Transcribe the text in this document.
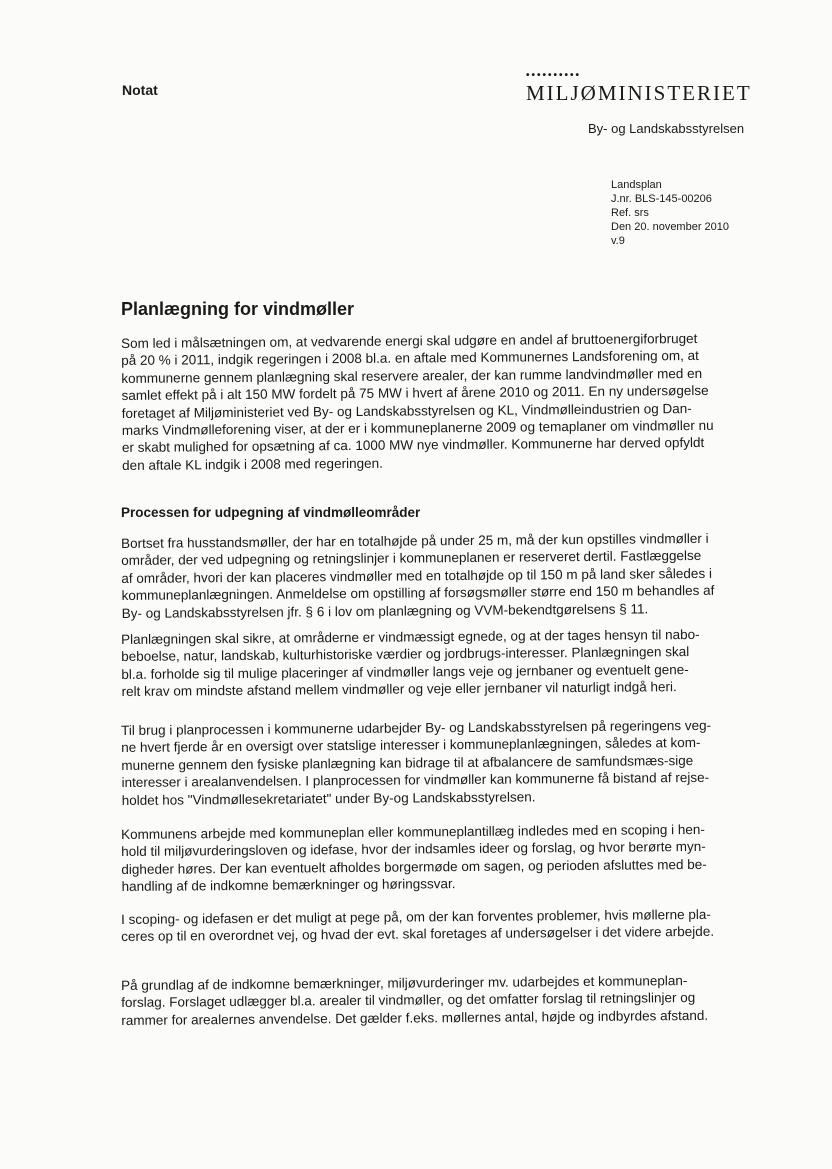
Notat
••••••••••
MILJØMINISTERIET
By- og Landskabsstyrelsen
Landsplan
J.nr. BLS-145-00206
Ref. srs
Den 20. november 2010
v.9
Planlægning for vindmøller
Som led i målsætningen om, at vedvarende energi skal udgøre en andel af bruttoenergiforbruget
på 20 % i 2011, indgik regeringen i 2008 bl.a. en aftale med Kommunernes Landsforening om, at
kommunerne gennem planlægning skal reservere arealer, der kan rumme landvindmøller med en
samlet effekt på i alt 150 MW fordelt på 75 MW i hvert af årene 2010 og 2011. En ny undersøgelse
foretaget af Miljøministeriet ved By- og Landskabsstyrelsen og KL, Vindmølleindustrien og Dan-
marks Vindmølleforening viser, at der er i kommuneplanerne 2009 og temaplaner om vindmøller nu
er skabt mulighed for opsætning af ca. 1000 MW nye vindmøller. Kommunerne har derved opfyldt
den aftale KL indgik i 2008 med regeringen.
Processen for udpegning af vindmølleområder
Bortset fra husstandsmøller, der har en totalhøjde på under 25 m, må der kun opstilles vindmøller i
områder, der ved udpegning og retningslinjer i kommuneplanen er reserveret dertil. Fastlæggelse
af områder, hvori der kan placeres vindmøller med en totalhøjde op til 150 m på land sker således i
kommuneplanlægningen. Anmeldelse om opstilling af forsøgsmøller større end 150 m behandles af
By- og Landskabsstyrelsen jfr. § 6 i lov om planlægning og VVM-bekendtgørelsens § 11.
Planlægningen skal sikre, at områderne er vindmæssigt egnede, og at der tages hensyn til nabo-
beboelse, natur, landskab, kulturhistoriske værdier og jordbrugs-interesser. Planlægningen skal
bl.a. forholde sig til mulige placeringer af vindmøller langs veje og jernbaner og eventuelt gene-
relt krav om mindste afstand mellem vindmøller og veje eller jernbaner vil naturligt indgå heri.
Til brug i planprocessen i kommunerne udarbejder By- og Landskabsstyrelsen på regeringens veg-
ne hvert fjerde år en oversigt over statslige interesser i kommuneplanlægningen, således at kom-
munerne gennem den fysiske planlægning kan bidrage til at afbalancere de samfundsmæs-sige
interesser i arealanvendelsen. I planprocessen for vindmøller kan kommunerne få bistand af rejse-
holdet hos "Vindmøllesekretariatet" under By-og Landskabsstyrelsen.
Kommunens arbejde med kommuneplan eller kommuneplantillæg indledes med en scoping i hen-
hold til miljøvurderingsloven og idefase, hvor der indsamles ideer og forslag, og hvor berørte myn-
digheder høres. Der kan eventuelt afholdes borgermøde om sagen, og perioden afsluttes med be-
handling af de indkomne bemærkninger og høringssvar.
I scoping- og idefasen er det muligt at pege på, om der kan forventes problemer, hvis møllerne pla-
ceres op til en overordnet vej, og hvad der evt. skal foretages af undersøgelser i det videre arbejde.
På grundlag af de indkomne bemærkninger, miljøvurderinger mv. udarbejdes et kommuneplan-
forslag. Forslaget udlægger bl.a. arealer til vindmøller, og det omfatter forslag til retningslinjer og
rammer for arealernes anvendelse. Det gælder f.eks. møllernes antal, højde og indbyrdes afstand.
